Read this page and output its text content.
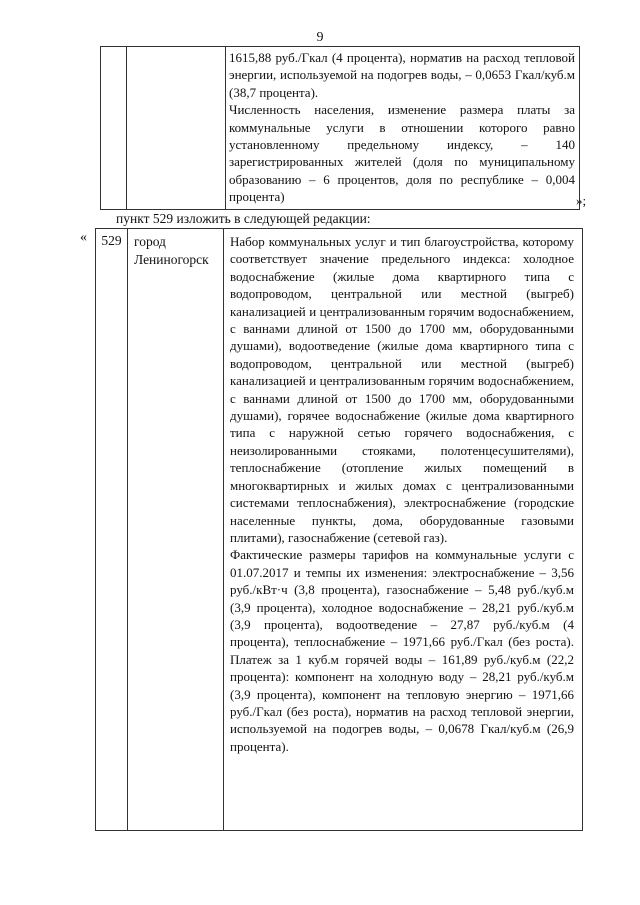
9

1615,88 руб./Гкал (4 процента), норматив на расход тепловой энергии, используемой на подогрев воды, – 0,0653 Гкал/куб.м (38,7 процента).

Численность населения, изменение размера платы за коммунальные услуги в отношении которого равно установленному предельному индексу, – 140 зарегистрированных жителей (доля по муниципальному образованию – 6 процентов, доля по республике – 0,004 процента)	»;
пункт 529 изложить в следующей редакции:
«	529 город
Лениногорск

Набор коммунальных услуг и тип благоустройства, которому соответствует значение предельного индекса: холодное водоснабжение (жилые дома квартирного типа с водопроводом, центральной или местной (выгреб) канализацией и централизованным горячим водоснабжением, с ваннами длиной от 1500 до 1700 мм, оборудованными душами), водоотведение (жилые дома квартирного типа с водопроводом, центральной или местной (выгреб) канализацией и централизованным горячим водоснабжением, с ваннами длиной от 1500 до 1700 мм, оборудованными душами), горячее водоснабжение (жилые дома квартирного типа с наружной сетью горячего водоснабжения, с неизолированными стояками, полотенцесушителями), теплоснабжение (отопление жилых помещений в многоквартирных и жилых домах с централизованными системами теплоснабжения), электроснабжение (городские населенные пункты, дома, оборудованные газовыми плитами), газоснабжение (сетевой газ).

Фактические размеры тарифов на коммунальные услуги с 01.07.2017 и темпы их изменения: электроснабжение – 3,56 руб./кВт·ч (3,8 процента), газоснабжение – 5,48 руб./куб.м (3,9 процента), холодное водоснабжение – 28,21 руб./куб.м (3,9 процента), водоотведение – 27,87 руб./куб.м (4 процента), теплоснабжение – 1971,66 руб./Гкал (без роста). Платеж за 1 куб.м горячей воды – 161,89 руб./куб.м (22,2 процента): компонент на холодную воду – 28,21 руб./куб.м (3,9 процента), компонент на тепловую энергию – 1971,66 руб./Гкал (без роста), норматив на расход тепловой энергии, используемой на подогрев воды, – 0,0678 Гкал/куб.м (26,9 процента).
